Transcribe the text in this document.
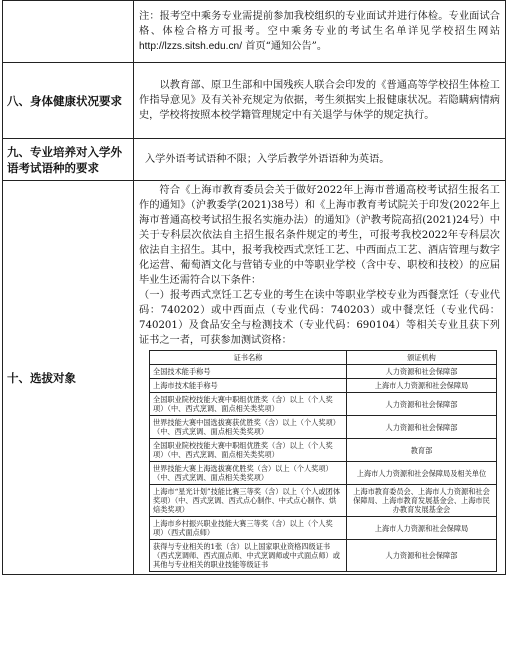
注：报考空中乘务专业需提前参加我校组织的专业面试并进行体检。专业面试合格、体检合格方可报考。空中乘务专业的考试生名单详见学校招生网站 http://lzzs.sitsh.edu.cn/ 首页“通知公告”。

八、身体健康状况要求	

以教育部、原卫生部和中国残疾人联合会印发的《普通高等学校招生体检工作指导意见》及有关补充规定为依据，考生须据实上报健康状况。若隐瞒病情病史，学校将按照本校学籍管理规定中有关退学与休学的规定执行。

九、专业培养对入学外语考试语种的要求	

入学外语考试语种不限；入学后教学外语语种为英语。

十、选拔对象	

符合《上海市教育委员会关于做好2022年上海市普通高校考试招生报名工作的通知》（沪教委学(2021)38号）和《上海市教育考试院关于印发(2022年上海市普通高校考试招生报名实施办法）的通知》（沪教考院高招(2021)24号）中关于专科层次依法自主招生报名条件规定的考生，可报考我校2022年专科层次依法自主招生。其中，报考我校西式烹饪工艺、中西面点工艺、酒店管理与数字化运营、葡萄酒文化与营销专业的中等职业学校（含中专、职校和技校）的应届毕业生还需符合以下条件：

（一）报考西式烹饪工艺专业的考生在读中等职业学校专业为西餐烹饪（专业代码：740202）或中西面点（专业代码：740203）或中餐烹饪（专业代码：740201）及食品安全与检测技术（专业代码：690104）等相关专业且获下列证书之一者，可获参加测试资格：

证书名称	颁证机构
全国技术能手称号	人力资源和社会保障部
上海市技术能手称号	上海市人力资源和社会保障局
全国职业院校技能大赛中职组优胜奖（含）以上（个人奖项）（中、西式烹调、面点相关类奖项）	人力资源和社会保障部
世界技能大赛中国选拔赛获优胜奖（含）以上（个人奖项）（中、西式烹调、面点相关类奖项）	人力资源和社会保障部
全国职业院校技能大赛中职组优胜奖（含）以上（个人奖项）（中、西式烹调、面点相关类奖项）	教育部
世界技能大赛上海选拔赛优胜奖（含）以上（个人奖项）（中、西式烹调、面点相关类奖项）	上海市人力资源和社会保障局及相关单位
上海市“星光计划”技能比赛三等奖（含）以上（个人或团体奖项）（中、西式烹调、西式点心制作、中式点心制作、烘焙类奖项）	上海市教育委员会、上海市人力资源和社会保障局、上海市教育发展基金会、上海市民办教育发展基金会
上海市乡村振兴职业技能大赛三等奖（含）以上（个人奖项）（西式面点师）	上海市人力资源和社会保障局
获得与专业相关的1张（含）以上国家职业资格四级证书（西式烹调师、西式面点师、中式烹调师或中式面点师）或其他与专业相关的职业技能等级证书	人力资源和社会保障部
